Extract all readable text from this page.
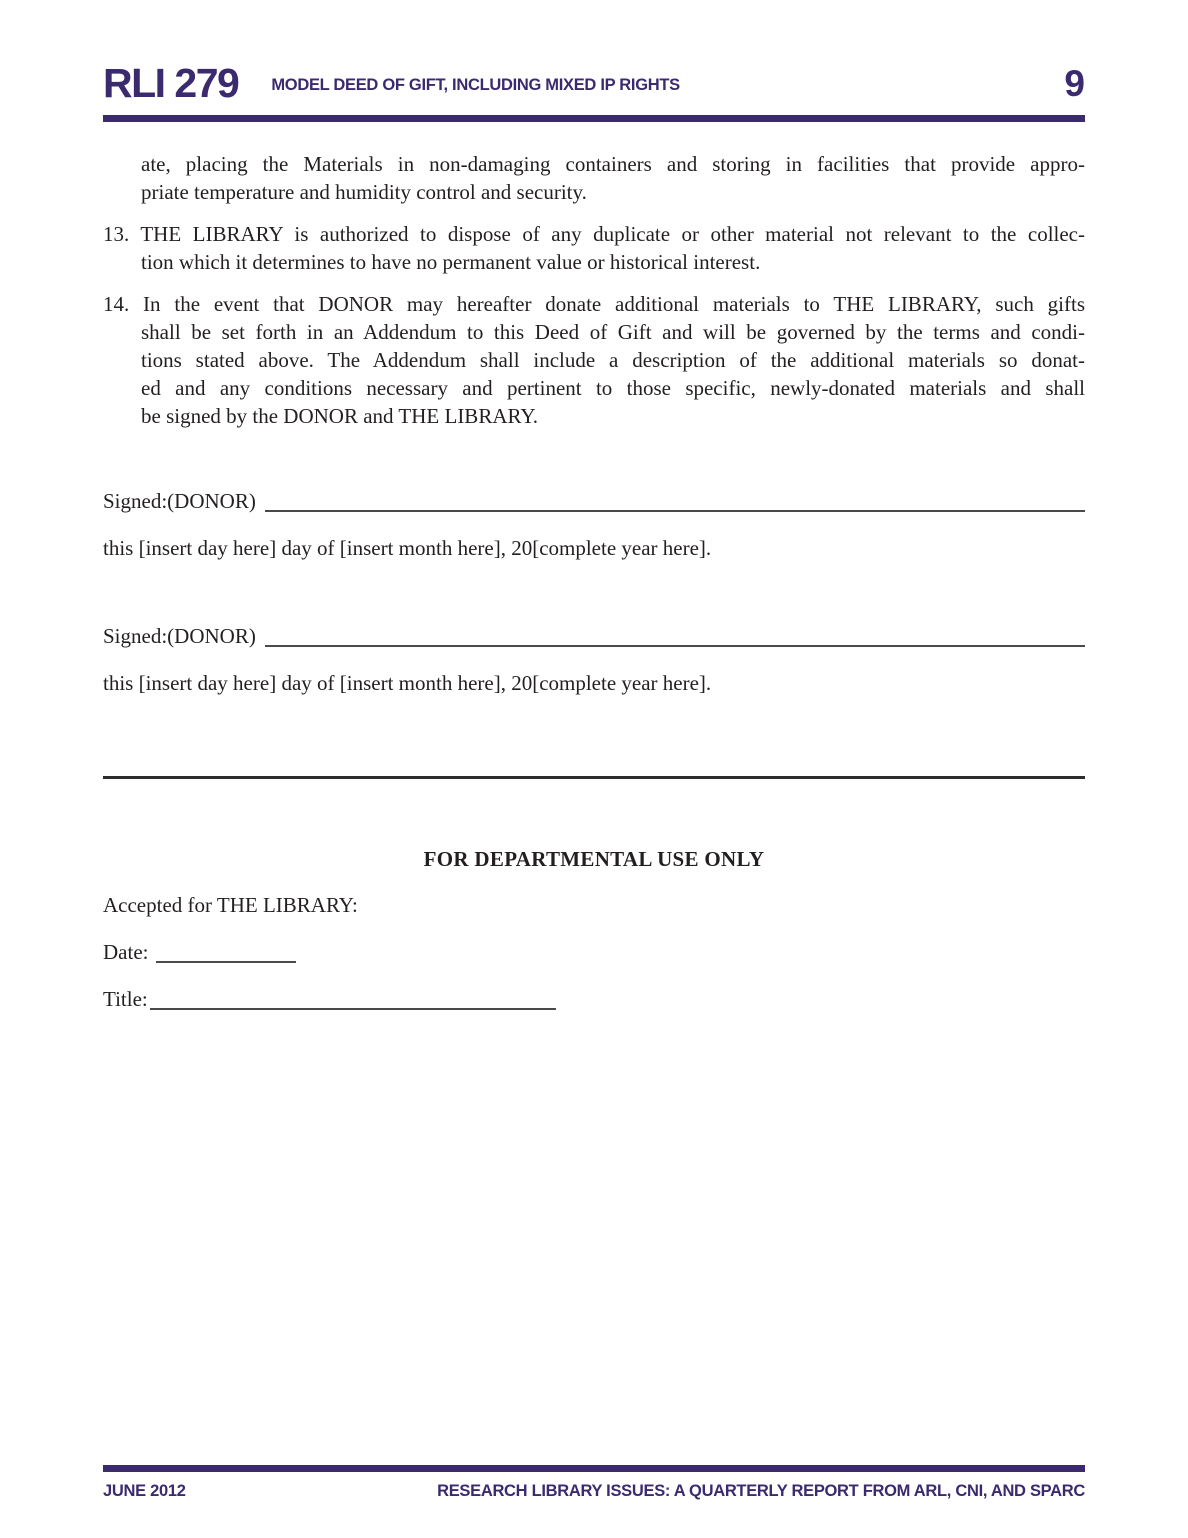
RLI 279 MODEL DEED OF GIFT, INCLUDING MIXED IP RIGHTS	9
ate, placing the Materials in non-damaging containers and storing in facilities that provide appro-
priate temperature and humidity control and security.
13. THE LIBRARY is authorized to dispose of any duplicate or other material not relevant to the collec-
tion which it determines to have no permanent value or historical interest.
14. In the event that DONOR may hereafter donate additional materials to THE LIBRARY, such gifts
shall be set forth in an Addendum to this Deed of Gift and will be governed by the terms and condi-
tions stated above. The Addendum shall include a description of the additional materials so donat-
ed and any conditions necessary and pertinent to those specific, newly-donated materials and shall
be signed by the DONOR and THE LIBRARY.
Signed:(DONOR)
this [insert day here] day of [insert month here], 20[complete year here].
Signed:(DONOR)
this [insert day here] day of [insert month here], 20[complete year here].
FOR DEPARTMENTAL USE ONLY
Accepted for THE LIBRARY:
Date:
Title:
JUNE 2012	RESEARCH LIBRARY ISSUES: A QUARTERLY REPORT FROM ARL, CNI, AND SPARC
